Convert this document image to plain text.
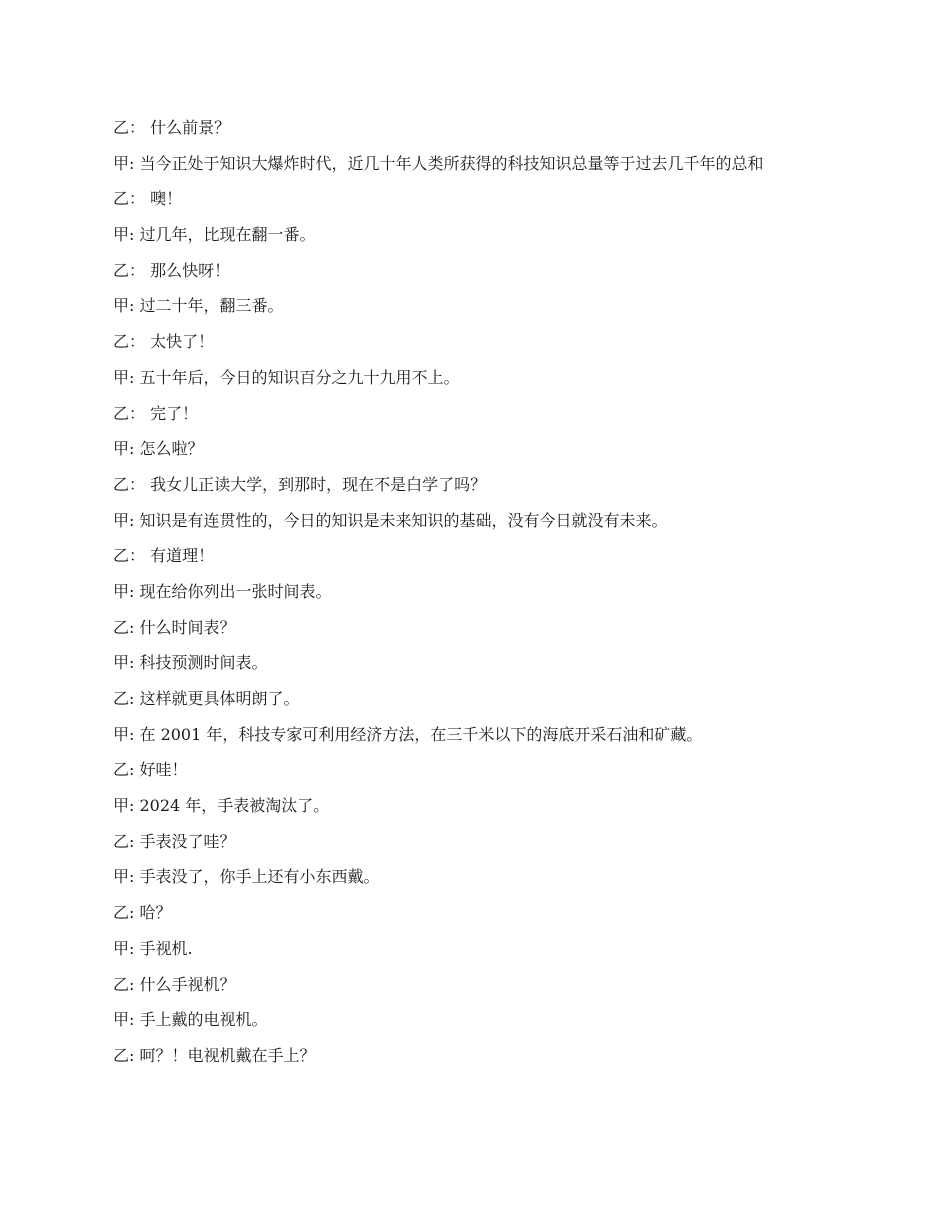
乙： 什么前景？
甲: 当今正处于知识大爆炸时代，近几十年人类所获得的科技知识总量等于过去几千年的总和
乙： 噢！
甲: 过几年，比现在翻一番。
乙： 那么快呀！
甲: 过二十年，翻三番。
乙： 太快了！
甲: 五十年后，今日的知识百分之九十九用不上。
乙： 完了！
甲: 怎么啦？
乙： 我女儿正读大学，到那时，现在不是白学了吗？
甲: 知识是有连贯性的，今日的知识是未来知识的基础，没有今日就没有未来。
乙： 有道理！
甲: 现在给你列出一张时间表。
乙: 什么时间表？
甲: 科技预测时间表。
乙: 这样就更具体明朗了。
甲: 在 2001 年，科技专家可利用经济方法，在三千米以下的海底开采石油和矿藏。
乙: 好哇！
甲: 2024 年，手表被淘汰了。
乙: 手表没了哇？
甲: 手表没了，你手上还有小东西戴。
乙: 哈？
甲: 手视机.
乙: 什么手视机？
甲: 手上戴的电视机。
乙: 呵？！电视机戴在手上？
